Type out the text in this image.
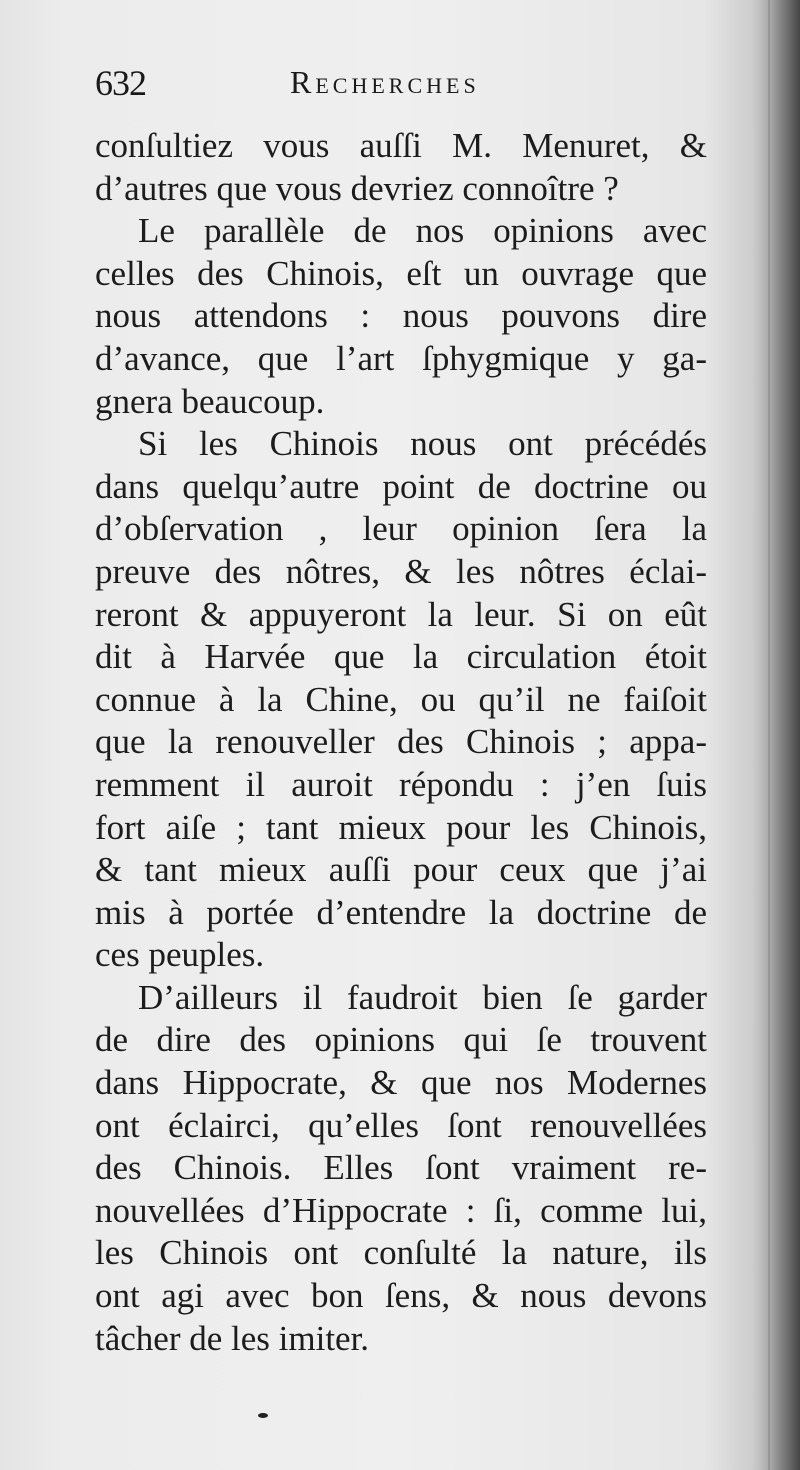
632	Recherches
conſultiez vous auſſi M. Menuret, &
d’autres que vous devriez connoître ?
Le parallèle de nos opinions avec
celles des Chinois, eſt un ouvrage que
nous attendons : nous pouvons dire
d’avance, que l’art ſphygmique y ga-
gnera beaucoup.
Si les Chinois nous ont précédés
dans quelqu’autre point de doctrine ou
d’obſervation , leur opinion ſera la
preuve des nôtres, & les nôtres éclai-
reront & appuyeront la leur. Si on eût
dit à Harvée que la circulation étoit
connue à la Chine, ou qu’il ne faiſoit
que la renouveller des Chinois ; appa-
remment il auroit répondu : j’en ſuis
fort aiſe ; tant mieux pour les Chinois,
& tant mieux auſſi pour ceux que j’ai
mis à portée d’entendre la doctrine de
ces peuples.
D’ailleurs il faudroit bien ſe garder
de dire des opinions qui ſe trouvent
dans Hippocrate, & que nos Modernes
ont éclairci, qu’elles ſont renouvellées
des Chinois. Elles ſont vraiment re-
nouvellées d’Hippocrate : ſi, comme lui,
les Chinois ont conſulté la nature, ils
ont agi avec bon ſens, & nous devons
tâcher de les imiter.
